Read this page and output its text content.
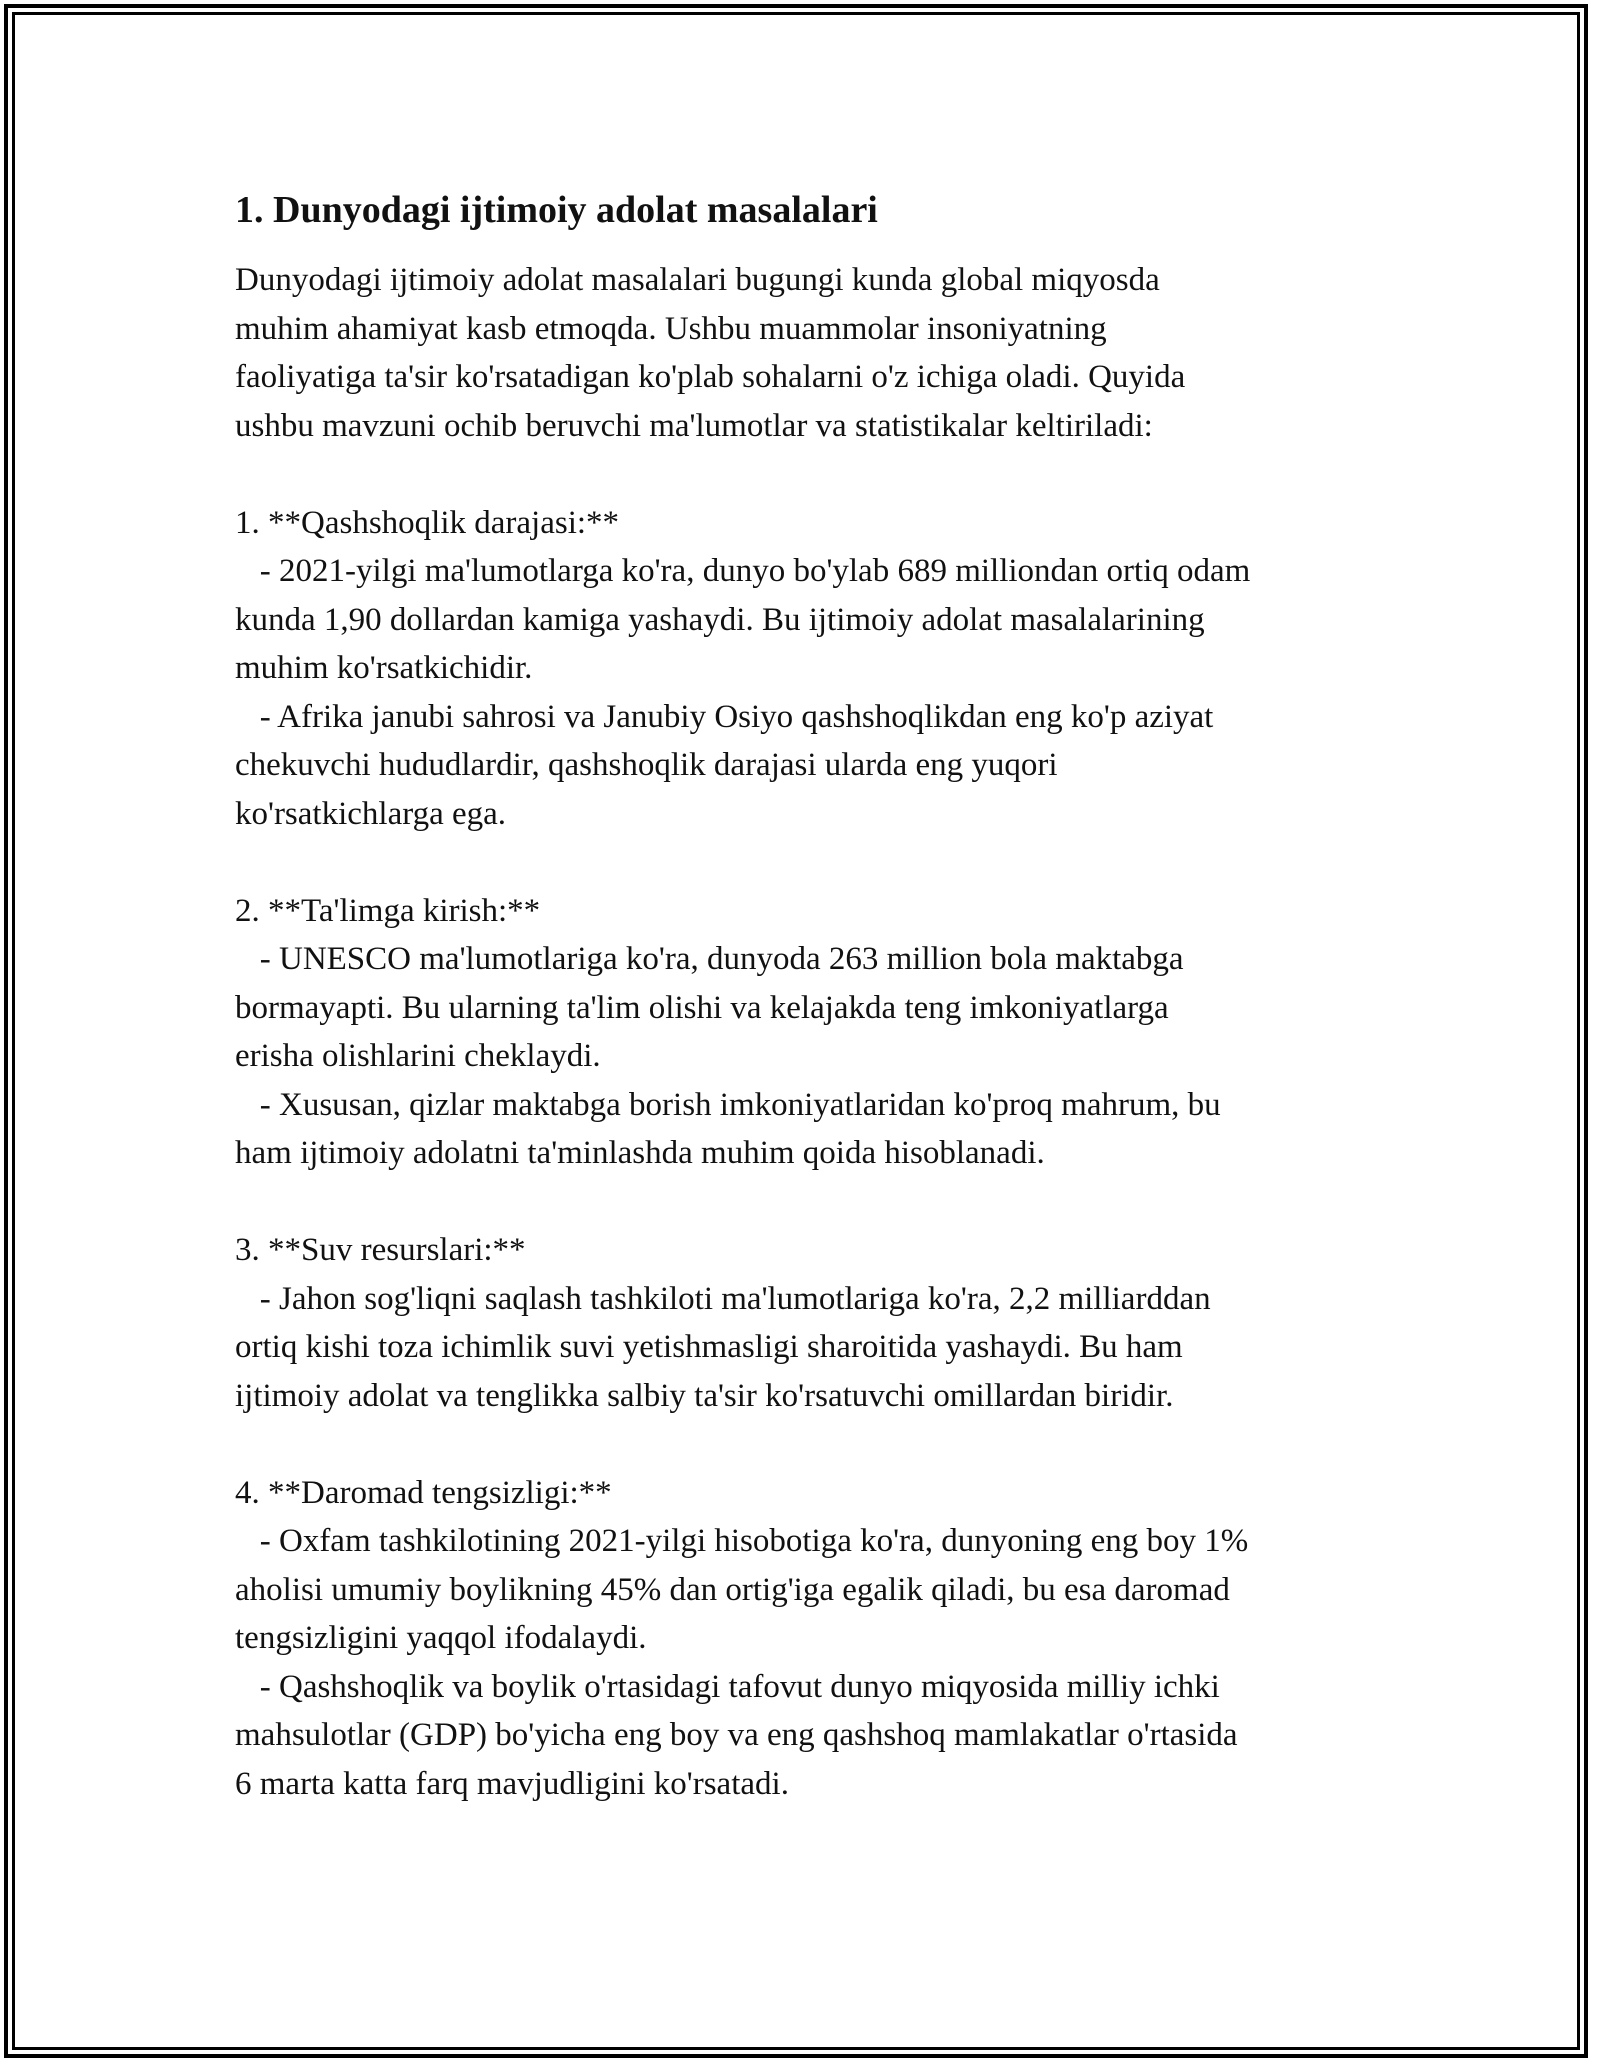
1. Dunyodagi ijtimoiy adolat masalalari

Dunyodagi ijtimoiy adolat masalalari bugungi kunda global miqyosda
muhim ahamiyat kasb etmoqda. Ushbu muammolar insoniyatning
faoliyatiga ta'sir ko'rsatadigan ko'plab sohalarni o'z ichiga oladi. Quyida
ushbu mavzuni ochib beruvchi ma'lumotlar va statistikalar keltiriladi:

1. **Qashshoqlik darajasi:**
- 2021-yilgi ma'lumotlarga ko'ra, dunyo bo'ylab 689 milliondan ortiq odam
kunda 1,90 dollardan kamiga yashaydi. Bu ijtimoiy adolat masalalarining
muhim ko'rsatkichidir.
- Afrika janubi sahrosi va Janubiy Osiyo qashshoqlikdan eng ko'p aziyat
chekuvchi hududlardir, qashshoqlik darajasi ularda eng yuqori
ko'rsatkichlarga ega.
2. **Ta'limga kirish:**
- UNESCO ma'lumotlariga ko'ra, dunyoda 263 million bola maktabga
bormayapti. Bu ularning ta'lim olishi va kelajakda teng imkoniyatlarga
erisha olishlarini cheklaydi.
- Xususan, qizlar maktabga borish imkoniyatlaridan ko'proq mahrum, bu
ham ijtimoiy adolatni ta'minlashda muhim qoida hisoblanadi.
3. **Suv resurslari:**
- Jahon sog'liqni saqlash tashkiloti ma'lumotlariga ko'ra, 2,2 milliarddan
ortiq kishi toza ichimlik suvi yetishmasligi sharoitida yashaydi. Bu ham
ijtimoiy adolat va tenglikka salbiy ta'sir ko'rsatuvchi omillardan biridir.
4. **Daromad tengsizligi:**
- Oxfam tashkilotining 2021-yilgi hisobotiga ko'ra, dunyoning eng boy 1%
aholisi umumiy boylikning 45% dan ortig'iga egalik qiladi, bu esa daromad
tengsizligini yaqqol ifodalaydi.
- Qashshoqlik va boylik o'rtasidagi tafovut dunyo miqyosida milliy ichki
mahsulotlar (GDP) bo'yicha eng boy va eng qashshoq mamlakatlar o'rtasida
6 marta katta farq mavjudligini ko'rsatadi.
